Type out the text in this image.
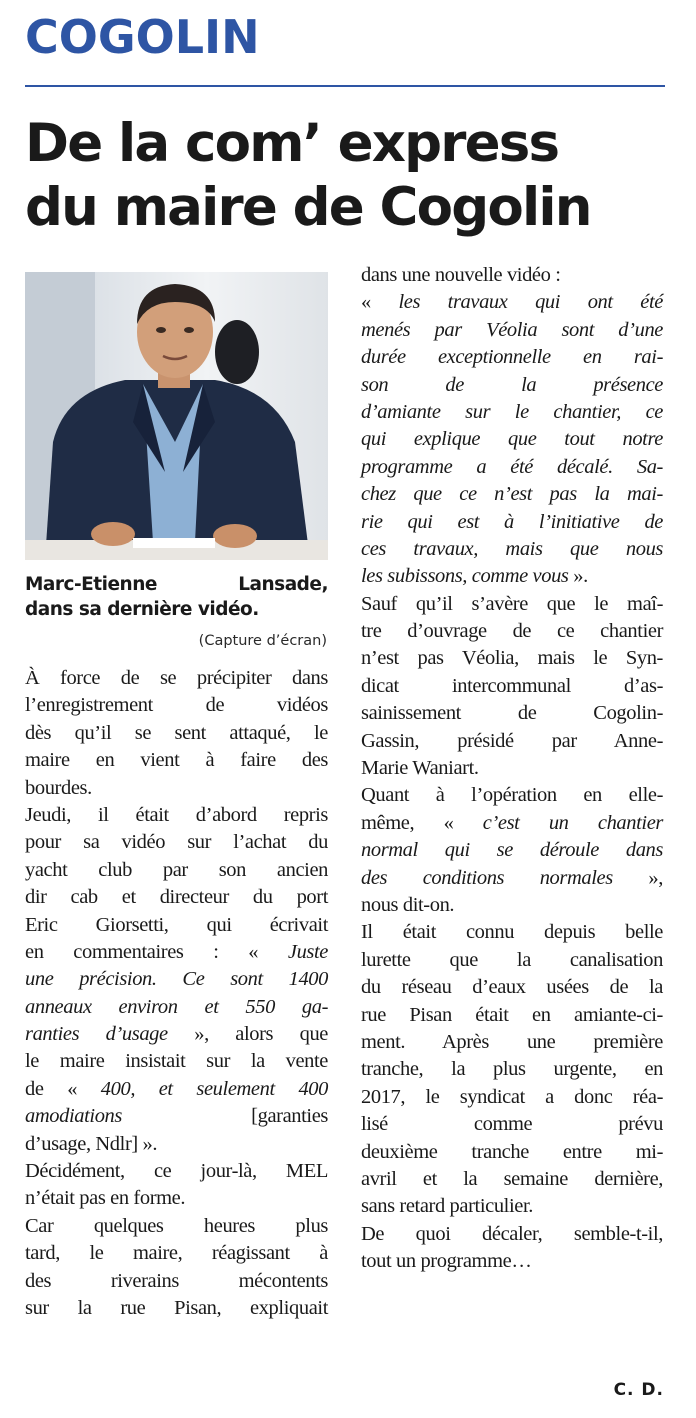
COGOLIN
De la com’ express
du maire de Cogolin
Marc-Etienne Lansade,
dans sa dernière vidéo.
(Capture d’écran)
À force de se précipiter dans
l’enregistrement de vidéos
dès qu’il se sent attaqué, le
maire en vient à faire des
bourdes.
Jeudi, il était d’abord repris
pour sa vidéo sur l’achat du
yacht club par son ancien
dir cab et directeur du port
Eric Giorsetti, qui écrivait
en commentaires : « Juste
une précision. Ce sont 1400
anneaux environ et 550 ga-
ranties d’usage », alors que
le maire insistait sur la vente
de « 400, et seulement 400
amodiations [garanties
d’usage, Ndlr] ».
Décidément, ce jour-là, MEL
n’était pas en forme.
Car quelques heures plus
tard, le maire, réagissant à
des riverains mécontents
sur la rue Pisan, expliquait
dans une nouvelle vidéo :
« les travaux qui ont été
menés par Véolia sont d’une
durée exceptionnelle en rai-
son de la présence
d’amiante sur le chantier, ce
qui explique que tout notre
programme a été décalé. Sa-
chez que ce n’est pas la mai-
rie qui est à l’initiative de
ces travaux, mais que nous
les subissons, comme vous ».
Sauf qu’il s’avère que le maî-
tre d’ouvrage de ce chantier
n’est pas Véolia, mais le Syn-
dicat intercommunal d’as-
sainissement de Cogolin-
Gassin, présidé par Anne-
Marie Waniart.
Quant à l’opération en elle-
même, « c’est un chantier
normal qui se déroule dans
des conditions normales »,
nous dit-on.
Il était connu depuis belle
lurette que la canalisation
du réseau d’eaux usées de la
rue Pisan était en amiante-ci-
ment. Après une première
tranche, la plus urgente, en
2017, le syndicat a donc réa-
lisé comme prévu
deuxième tranche entre mi-
avril et la semaine dernière,
sans retard particulier.
De quoi décaler, semble-t-il,
tout un programme…
C. D.
